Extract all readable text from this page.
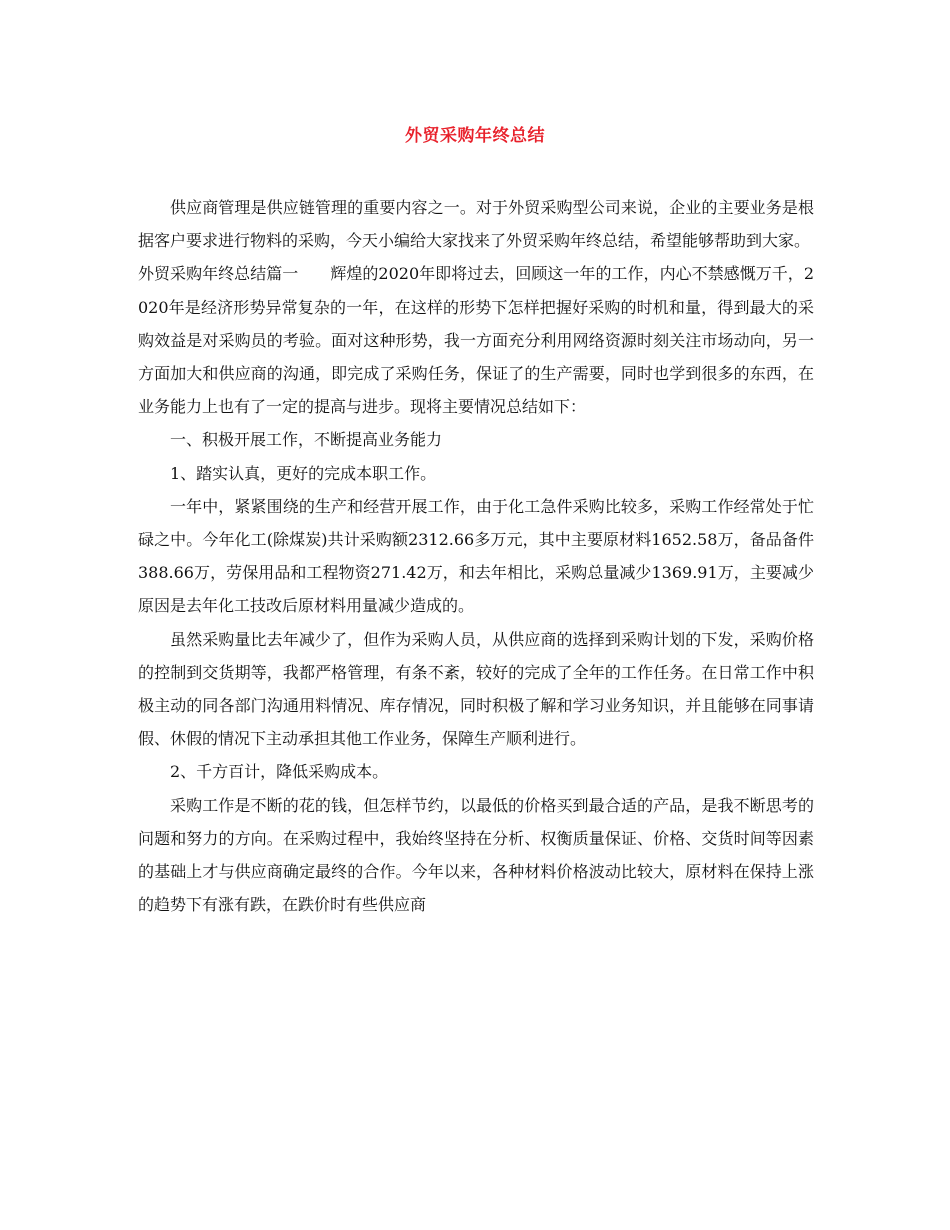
外贸采购年终总结

供应商管理是供应链管理的重要内容之一。对于外贸采购型公司来说，企业的主要业务是根据客户要求进行物料的采购，今天小编给大家找来了外贸采购年终总结，希望能够帮助到大家。

外贸采购年终总结篇一　　辉煌的2020年即将过去，回顾这一年的工作，内心不禁感慨万千，2020年是经济形势异常复杂的一年，在这样的形势下怎样把握好采购的时机和量，得到最大的采购效益是对采购员的考验。面对这种形势，我一方面充分利用网络资源时刻关注市场动向，另一方面加大和供应商的沟通，即完成了采购任务，保证了的生产需要，同时也学到很多的东西，在业务能力上也有了一定的提高与进步。现将主要情况总结如下：

一、积极开展工作，不断提高业务能力

1、踏实认真，更好的完成本职工作。

一年中，紧紧围绕的生产和经营开展工作，由于化工急件采购比较多，采购工作经常处于忙碌之中。今年化工(除煤炭)共计采购额2312.66多万元，其中主要原材料1652.58万，备品备件388.66万，劳保用品和工程物资271.42万，和去年相比，采购总量减少1369.91万，主要减少原因是去年化工技改后原材料用量减少造成的。

虽然采购量比去年减少了，但作为采购人员，从供应商的选择到采购计划的下发，采购价格的控制到交货期等，我都严格管理，有条不紊，较好的完成了全年的工作任务。在日常工作中积极主动的同各部门沟通用料情况、库存情况，同时积极了解和学习业务知识，并且能够在同事请假、休假的情况下主动承担其他工作业务，保障生产顺利进行。

2、千方百计，降低采购成本。

采购工作是不断的花的钱，但怎样节约，以最低的价格买到最合适的产品，是我不断思考的问题和努力的方向。在采购过程中，我始终坚持在分析、权衡质量保证、价格、交货时间等因素的基础上才与供应商确定最终的合作。今年以来，各种材料价格波动比较大，原材料在保持上涨的趋势下有涨有跌，在跌价时有些供应商
